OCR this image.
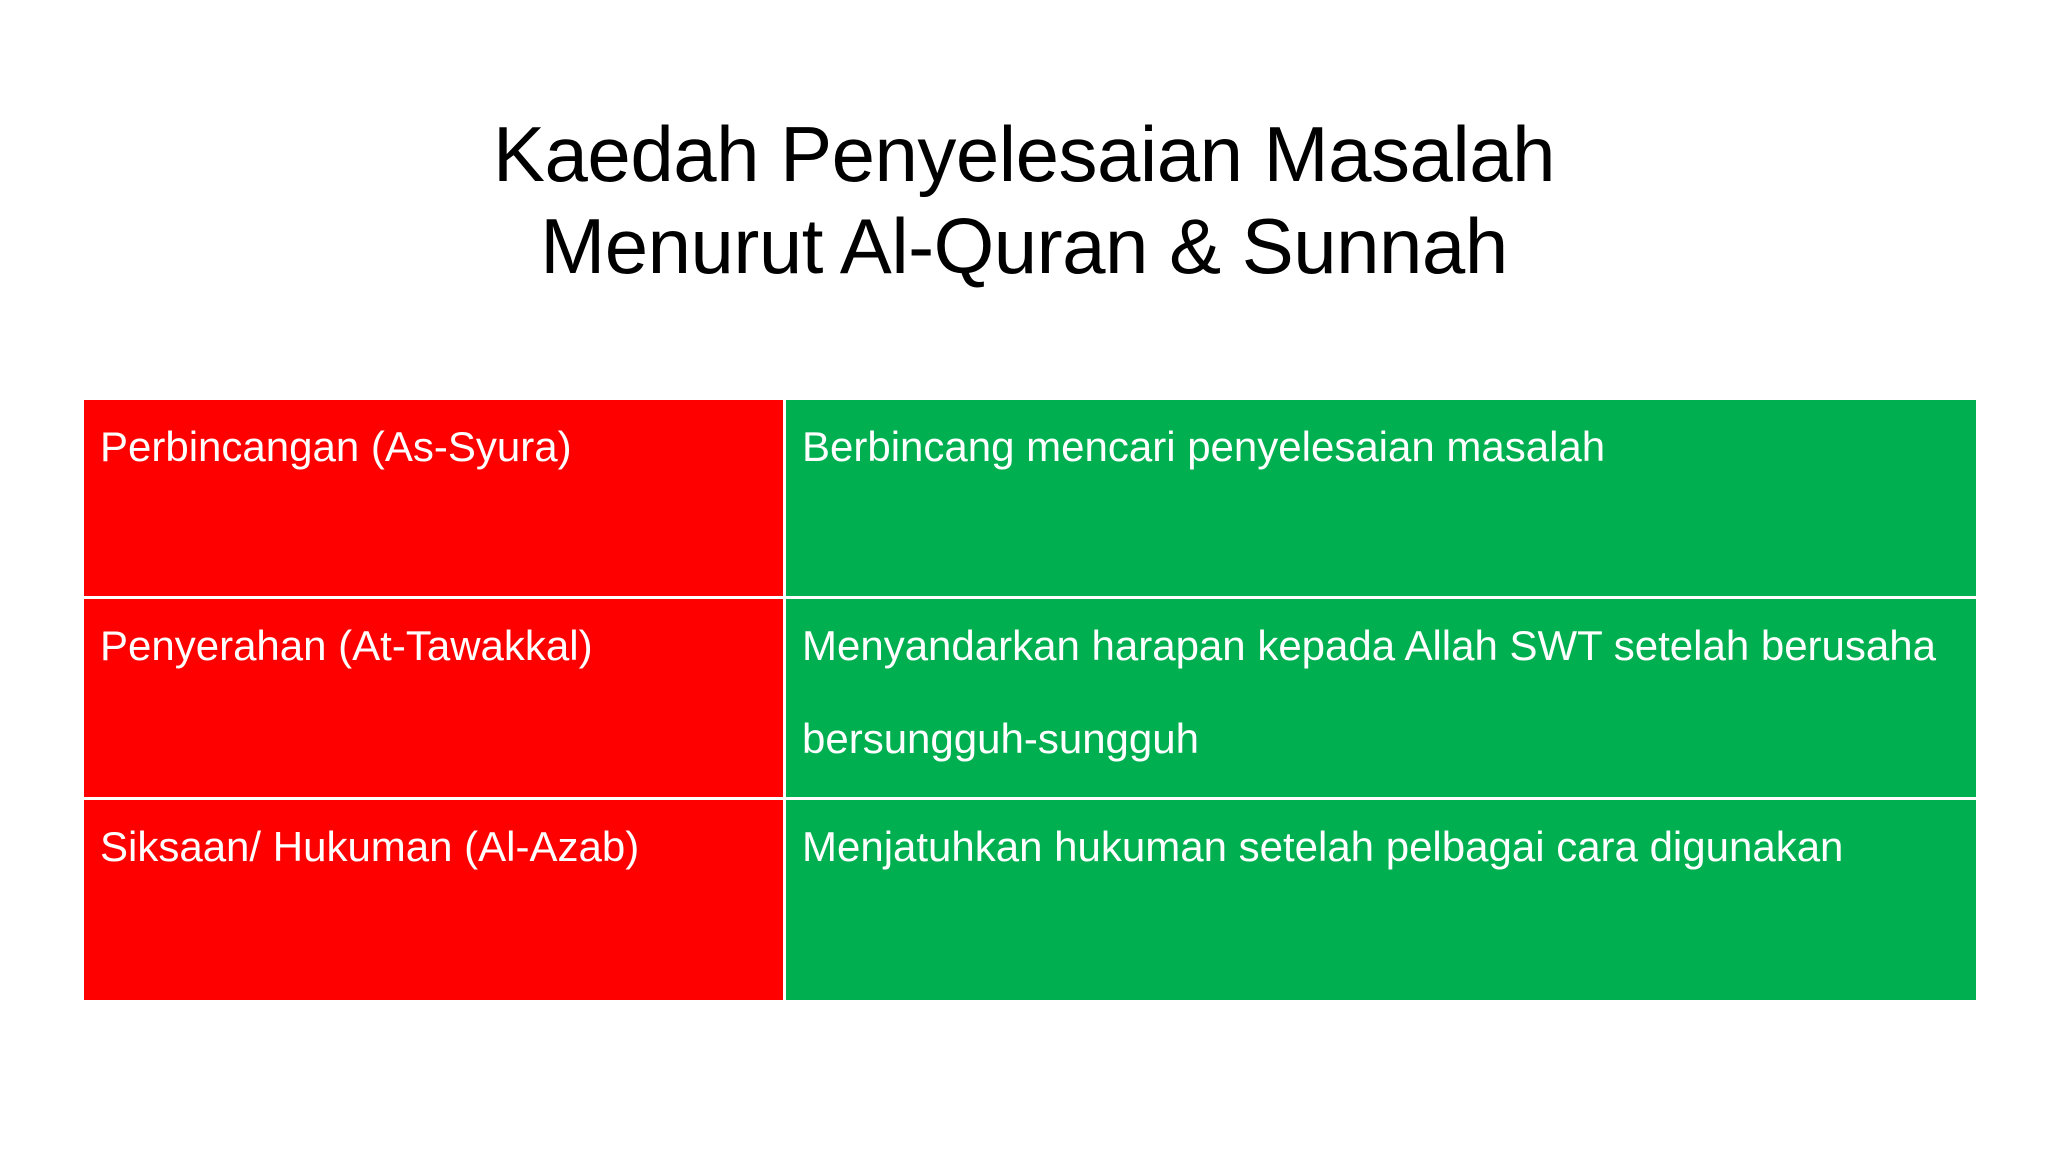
Kaedah Penyelesaian Masalah
Menurut Al-Quran & Sunnah
Perbincangan (As-Syura)	Berbincang mencari penyelesaian masalah
Penyerahan (At-Tawakkal)	Menyandarkan harapan kepada Allah SWT setelah berusaha bersungguh-sungguh
Siksaan/ Hukuman (Al-Azab)	Menjatuhkan hukuman setelah pelbagai cara digunakan
